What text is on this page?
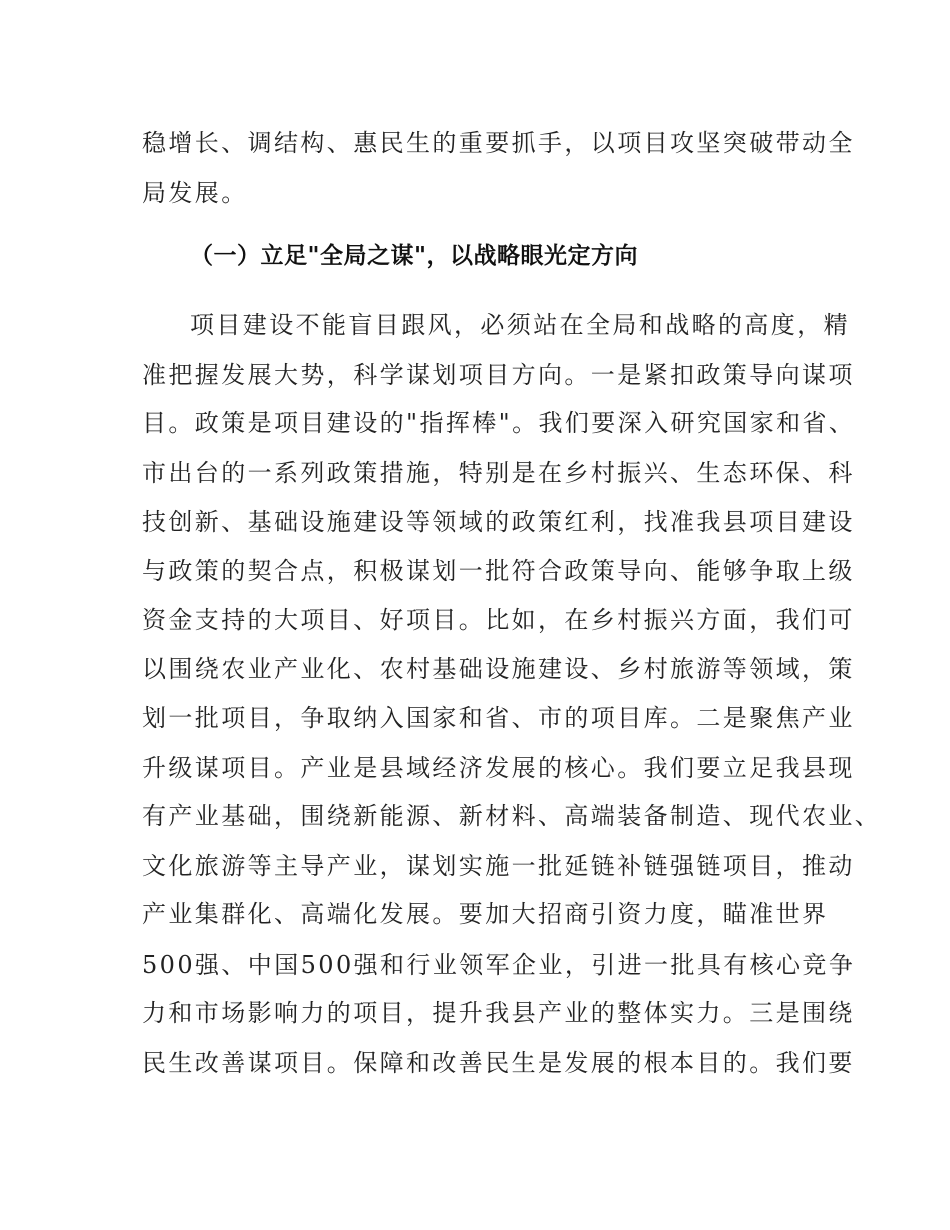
稳增长、调结构、惠民生的重要抓手，以项目攻坚突破带动全
局发展。
（一）立足"全局之谋"，以战略眼光定方向
项目建设不能盲目跟风，必须站在全局和战略的高度，精
准把握发展大势，科学谋划项目方向。一是紧扣政策导向谋项
目。政策是项目建设的"指挥棒"。我们要深入研究国家和省、
市出台的一系列政策措施，特别是在乡村振兴、生态环保、科
技创新、基础设施建设等领域的政策红利，找准我县项目建设
与政策的契合点，积极谋划一批符合政策导向、能够争取上级
资金支持的大项目、好项目。比如，在乡村振兴方面，我们可
以围绕农业产业化、农村基础设施建设、乡村旅游等领域，策
划一批项目，争取纳入国家和省、市的项目库。二是聚焦产业
升级谋项目。产业是县域经济发展的核心。我们要立足我县现
有产业基础，围绕新能源、新材料、高端装备制造、现代农业、
文化旅游等主导产业，谋划实施一批延链补链强链项目，推动
产业集群化、高端化发展。要加大招商引资力度，瞄准世界
500强、中国500强和行业领军企业，引进一批具有核心竞争
力和市场影响力的项目，提升我县产业的整体实力。三是围绕
民生改善谋项目。保障和改善民生是发展的根本目的。我们要
